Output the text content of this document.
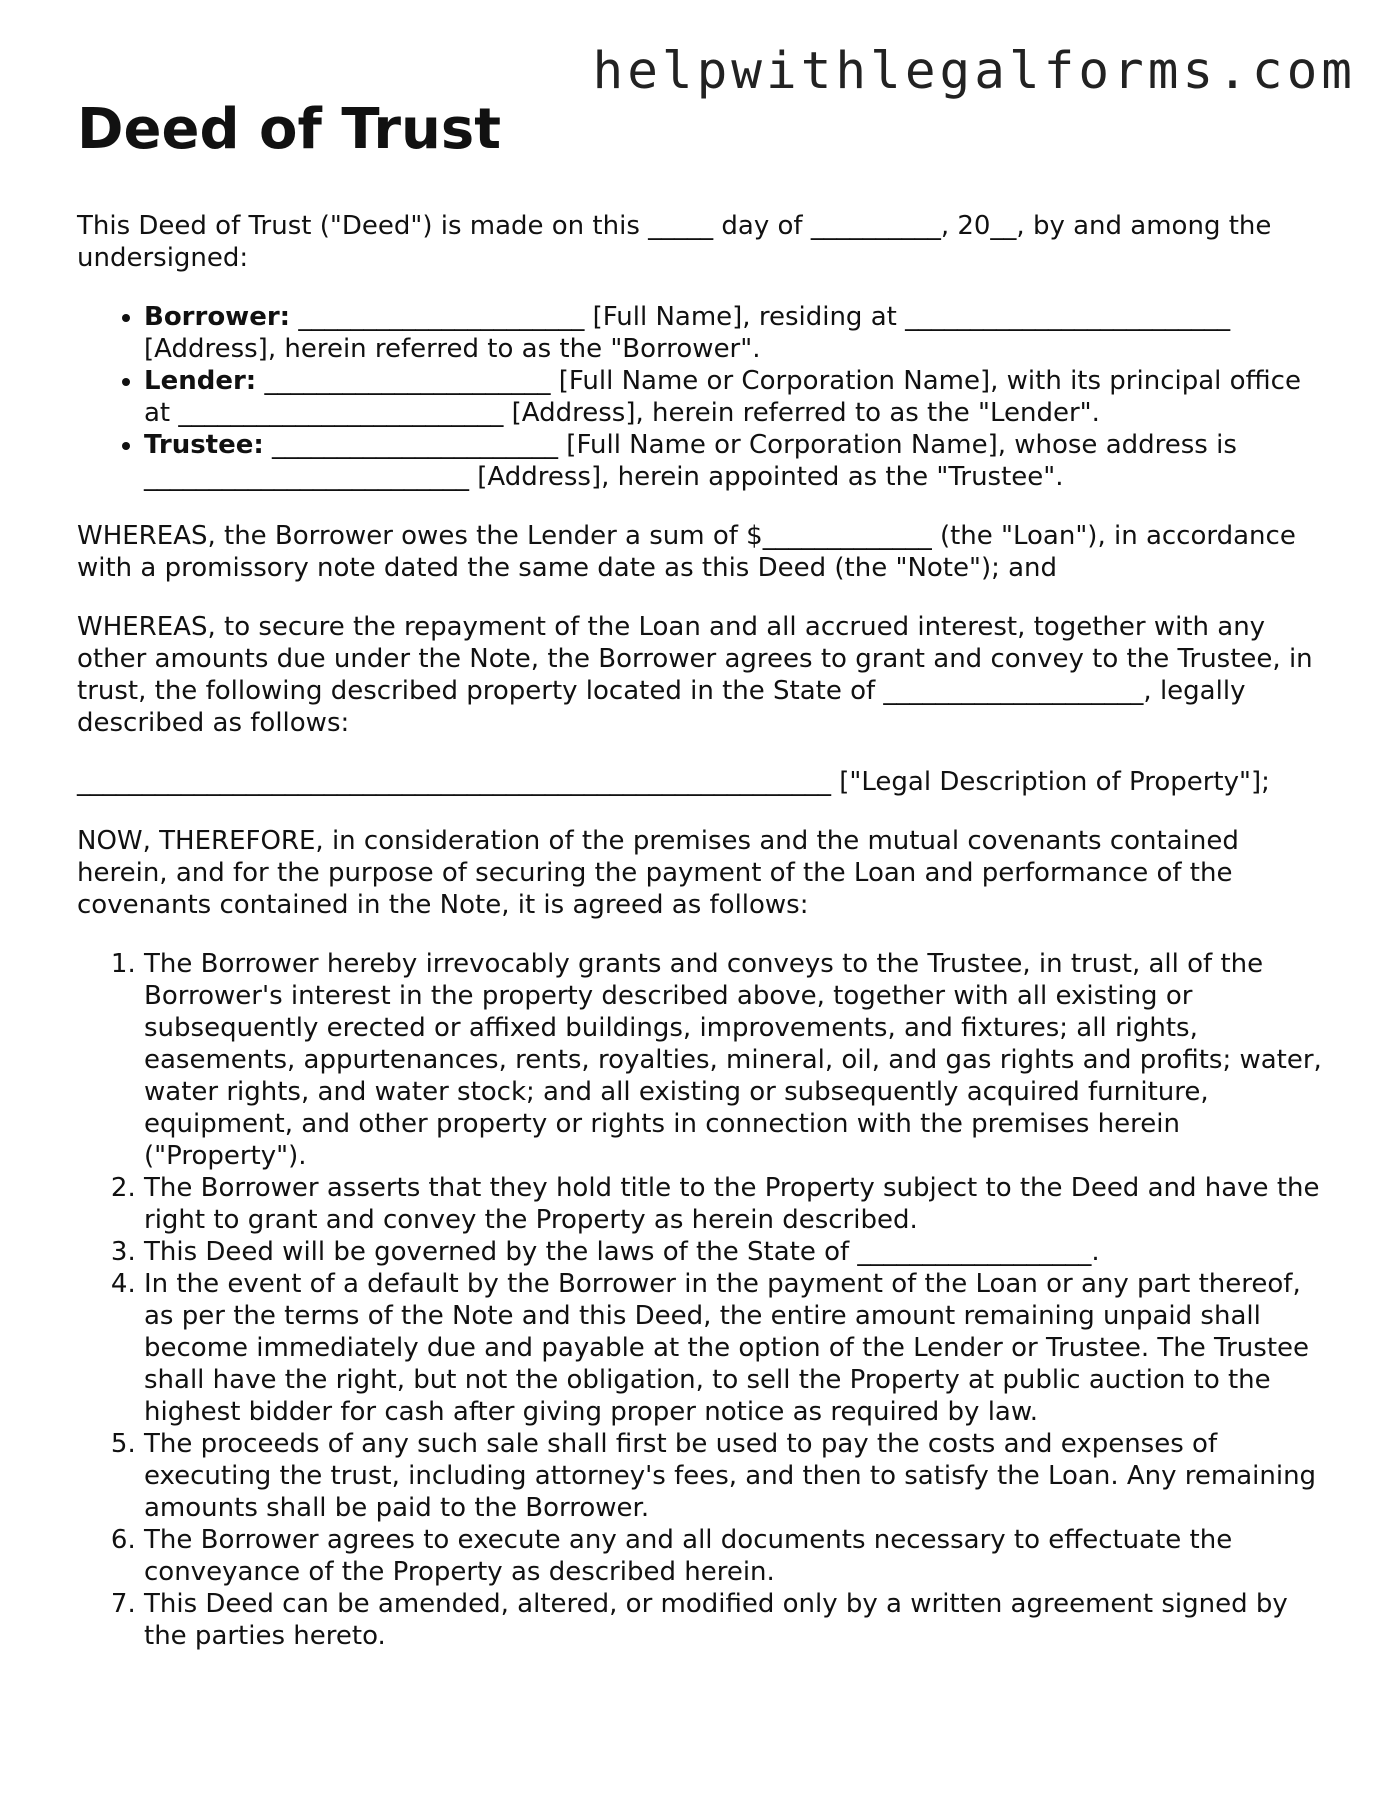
helpwithlegalforms.com
Deed of Trust

This Deed of Trust ("Deed") is made on this _____ day of __________, 20__, by and among the undersigned:

• Borrower: ______________________ [Full Name], residing at _________________________ [Address], herein referred to as the "Borrower".
• Lender: ______________________ [Full Name or Corporation Name], with its principal office at _________________________ [Address], herein referred to as the "Lender".
• Trustee: ______________________ [Full Name or Corporation Name], whose address is _________________________ [Address], herein appointed as the "Trustee".

WHEREAS, the Borrower owes the Lender a sum of $_____________ (the "Loan"), in accordance with a promissory note dated the same date as this Deed (the "Note"); and

WHEREAS, to secure the repayment of the Loan and all accrued interest, together with any other amounts due under the Note, the Borrower agrees to grant and convey to the Trustee, in trust, the following described property located in the State of ____________________, legally described as follows:

__________________________________________________________ ["Legal Description of Property"];

NOW, THEREFORE, in consideration of the premises and the mutual covenants contained herein, and for the purpose of securing the payment of the Loan and performance of the covenants contained in the Note, it is agreed as follows:

1. The Borrower hereby irrevocably grants and conveys to the Trustee, in trust, all of the Borrower's interest in the property described above, together with all existing or subsequently erected or affixed buildings, improvements, and fixtures; all rights, easements, appurtenances, rents, royalties, mineral, oil, and gas rights and profits; water, water rights, and water stock; and all existing or subsequently acquired furniture, equipment, and other property or rights in connection with the premises herein ("Property").
2. The Borrower asserts that they hold title to the Property subject to the Deed and have the right to grant and convey the Property as herein described.
3. This Deed will be governed by the laws of the State of __________________.
4. In the event of a default by the Borrower in the payment of the Loan or any part thereof, as per the terms of the Note and this Deed, the entire amount remaining unpaid shall become immediately due and payable at the option of the Lender or Trustee. The Trustee shall have the right, but not the obligation, to sell the Property at public auction to the highest bidder for cash after giving proper notice as required by law.
5. The proceeds of any such sale shall first be used to pay the costs and expenses of executing the trust, including attorney's fees, and then to satisfy the Loan. Any remaining amounts shall be paid to the Borrower.
6. The Borrower agrees to execute any and all documents necessary to effectuate the conveyance of the Property as described herein.
7. This Deed can be amended, altered, or modified only by a written agreement signed by the parties hereto.
